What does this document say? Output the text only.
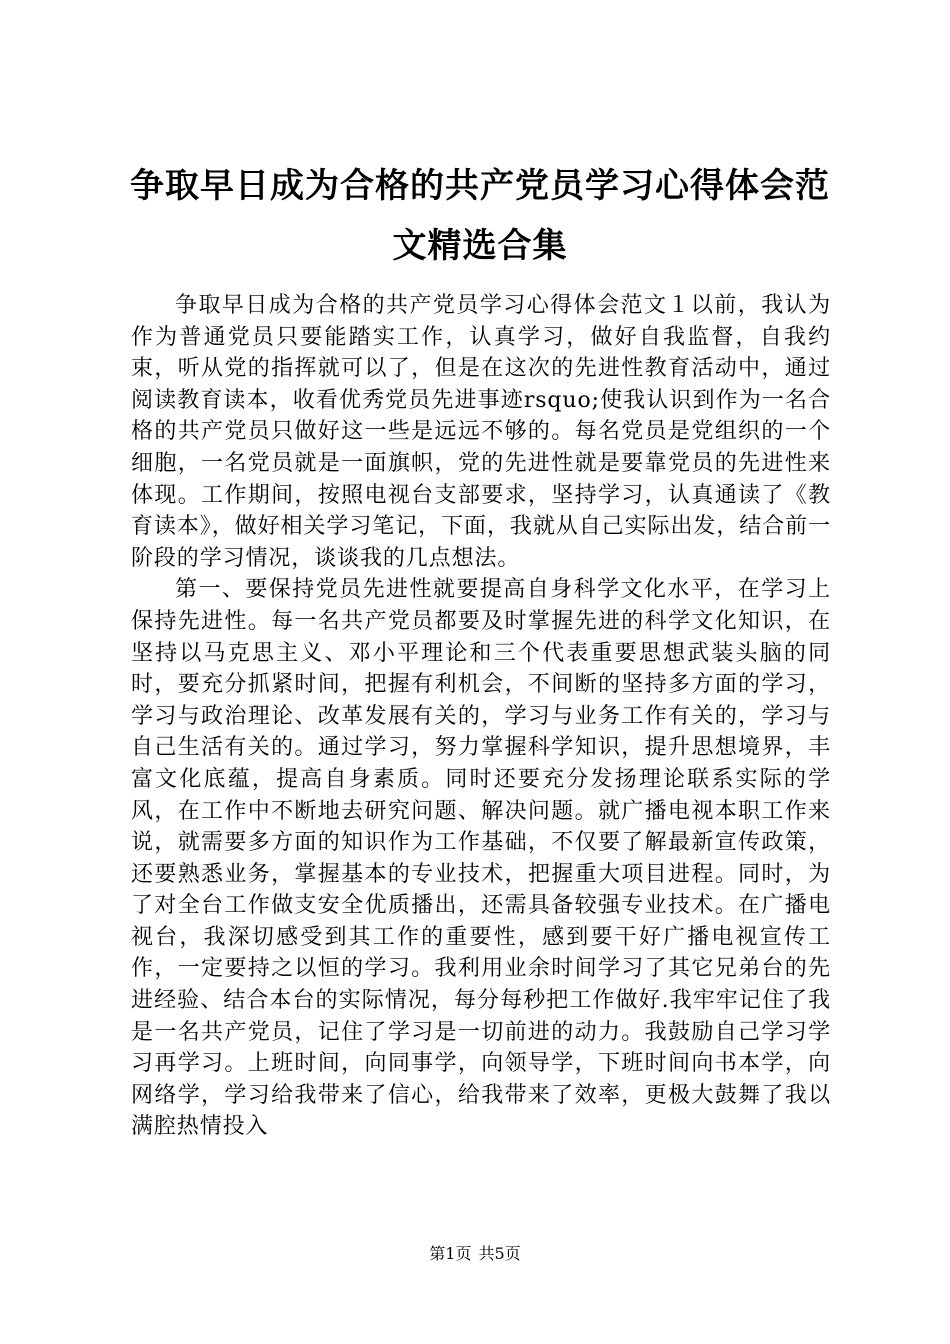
争取早日成为合格的共产党员学习心得体会范文精选合集

争取早日成为合格的共产党员学习心得体会范文１以前，我认为作为普通党员只要能踏实工作，认真学习，做好自我监督，自我约束，听从党的指挥就可以了，但是在这次的先进性教育活动中，通过阅读教育读本，收看优秀党员先进事迹rsquo;使我认识到作为一名合格的共产党员只做好这一些是远远不够的。每名党员是党组织的一个细胞，一名党员就是一面旗帜，党的先进性就是要靠党员的先进性来体现。工作期间，按照电视台支部要求，坚持学习，认真通读了《教育读本》，做好相关学习笔记，下面，我就从自己实际出发，结合前一阶段的学习情况，谈谈我的几点想法。

第一、要保持党员先进性就要提高自身科学文化水平，在学习上保持先进性。每一名共产党员都要及时掌握先进的科学文化知识，在坚持以马克思主义、邓小平理论和三个代表重要思想武装头脑的同时，要充分抓紧时间，把握有利机会，不间断的坚持多方面的学习，学习与政治理论、改革发展有关的，学习与业务工作有关的，学习与自己生活有关的。通过学习，努力掌握科学知识，提升思想境界，丰富文化底蕴，提高自身素质。同时还要充分发扬理论联系实际的学风，在工作中不断地去研究问题、解决问题。就广播电视本职工作来说，就需要多方面的知识作为工作基础，不仅要了解最新宣传政策，还要熟悉业务，掌握基本的专业技术，把握重大项目进程。同时，为了对全台工作做支安全优质播出，还需具备较强专业技术。在广播电视台，我深切感受到其工作的重要性，感到要干好广播电视宣传工作，一定要持之以恒的学习。我利用业余时间学习了其它兄弟台的先进经验、结合本台的实际情况，每分每秒把工作做好.我牢牢记住了我是一名共产党员，记住了学习是一切前进的动力。我鼓励自己学习学习再学习。上班时间，向同事学，向领导学，下班时间向书本学，向网络学，学习给我带来了信心，给我带来了效率，更极大鼓舞了我以满腔热情投入

第1页 共5页
